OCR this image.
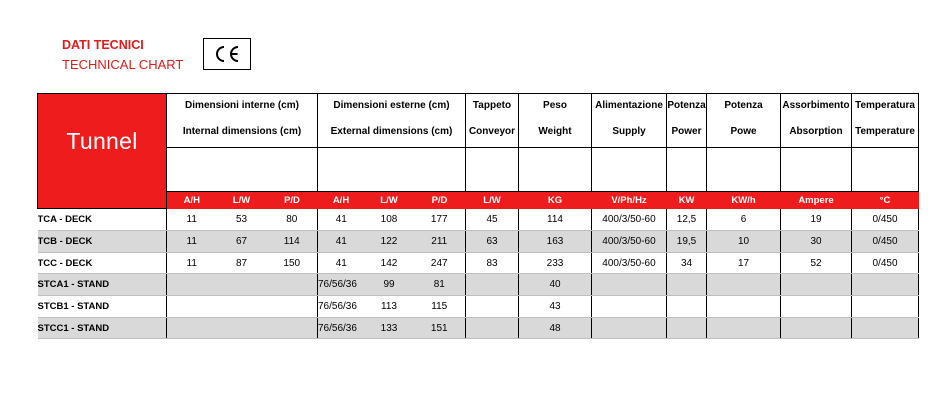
DATI TECNICI
TECHNICAL CHART
Tunnel	Dimensioni interne (cm)			Dimensioni esterne (cm)			Tappeto	Peso	Alimentazione	Potenza	Potenza	Assorbimento	Temperatura
	Internal dimensions (cm)			External dimensions (cm)			Conveyor	Weight	Supply	Power	Powe	Absorption	Temperature

	A/H	L/W	P/D	A/H	L/W	P/D	L/W	KG	V/Ph/Hz	KW	KW/h	Ampere	°C
TCA - DECK	11	53	80	41	108	177	45	114	400/3/50-60	12,5	6	19	0/450
TCB - DECK	11	67	114	41	122	211	63	163	400/3/50-60	19,5	10	30	0/450
TCC - DECK	11	87	150	41	142	247	83	233	400/3/50-60	34	17	52	0/450
STCA1 - STAND				76/56/36	99	81		40					
STCB1 - STAND				76/56/36	113	115		43					
STCC1 - STAND				76/56/36	133	151		48					
